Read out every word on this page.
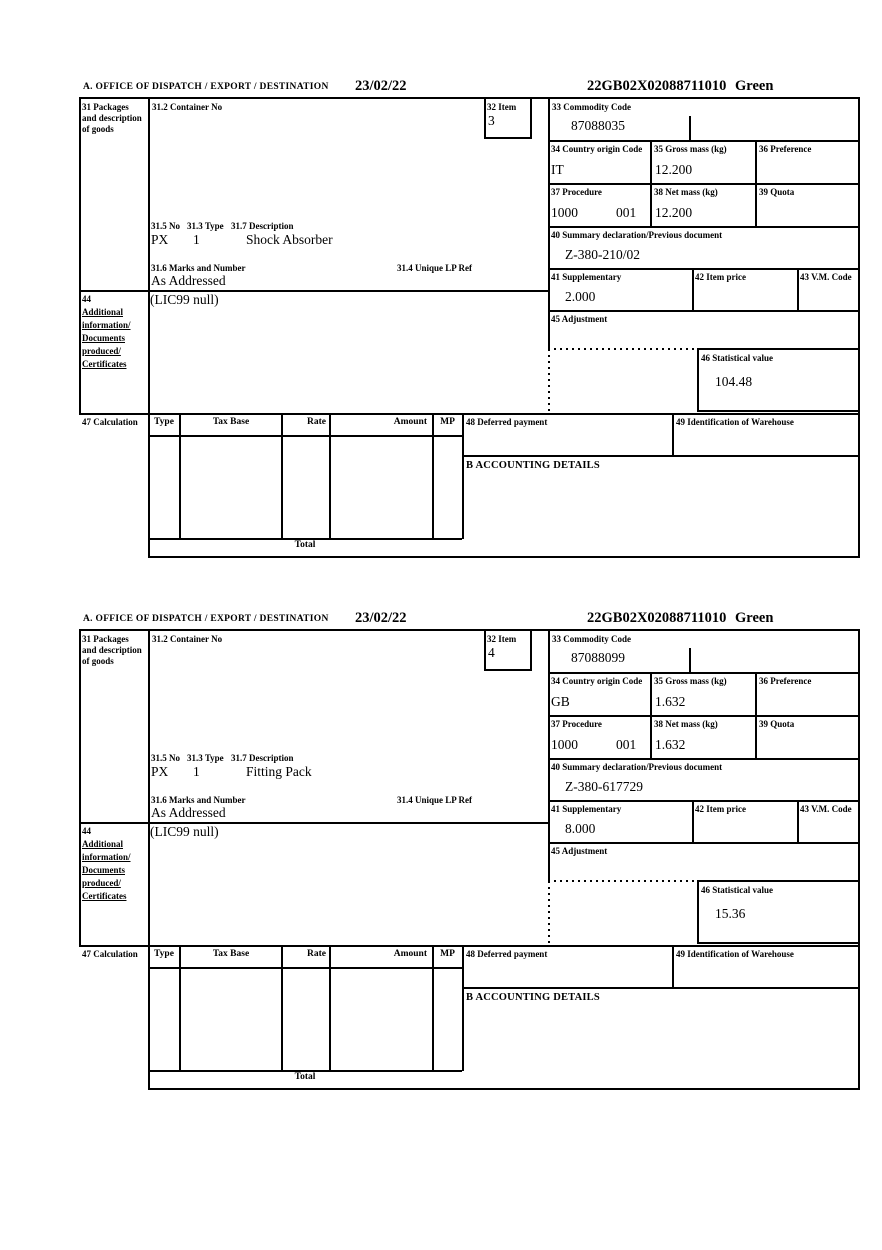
A. OFFICE OF DISPATCH / EXPORT / DESTINATION 23/02/22	22GB02X02088711010 Green
31 Packages and description of goods
44
Additional information/ Documents produced/ Certificates
47 Calculation
31.2 Container No	32 Item
3
31.5 No 31.3 Type 31.7 Description
PX 1	Shock Absorber
31.6 Marks and Number	31.4 Unique LP Ref
As Addressed
(LIC99 null)
33 Commodity Code
87088035
34 Country origin Code
IT
35 Gross mass (kg)
12.200
36 Preference
37 Procedure
1000	001
38 Net mass (kg)
12.200
39 Quota
40 Summary declaration/Previous document
Z-380-210/02
41 Supplementary
2.000
42 Item price	43 V.M. Code
45 Adjustment
46 Statistical value
104.48
Type	Tax Base	Rate	Amount	MP	48 Deferred payment	49 Identification of Warehouse
B ACCOUNTING DETAILS
Total
A. OFFICE OF DISPATCH / EXPORT / DESTINATION 23/02/22	22GB02X02088711010 Green
31 Packages and description of goods
44
Additional information/ Documents produced/ Certificates
47 Calculation
31.2 Container No	32 Item
4
31.5 No 31.3 Type 31.7 Description
PX 1	Fitting Pack
31.6 Marks and Number	31.4 Unique LP Ref
As Addressed
(LIC99 null)
33 Commodity Code
87088099
34 Country origin Code
GB
35 Gross mass (kg)
1.632
36 Preference
37 Procedure
1000	001
38 Net mass (kg)
1.632
39 Quota
40 Summary declaration/Previous document
Z-380-617729
41 Supplementary
8.000
42 Item price	43 V.M. Code
45 Adjustment
46 Statistical value
15.36
Type	Tax Base	Rate	Amount	MP	48 Deferred payment	49 Identification of Warehouse
B ACCOUNTING DETAILS
Total
